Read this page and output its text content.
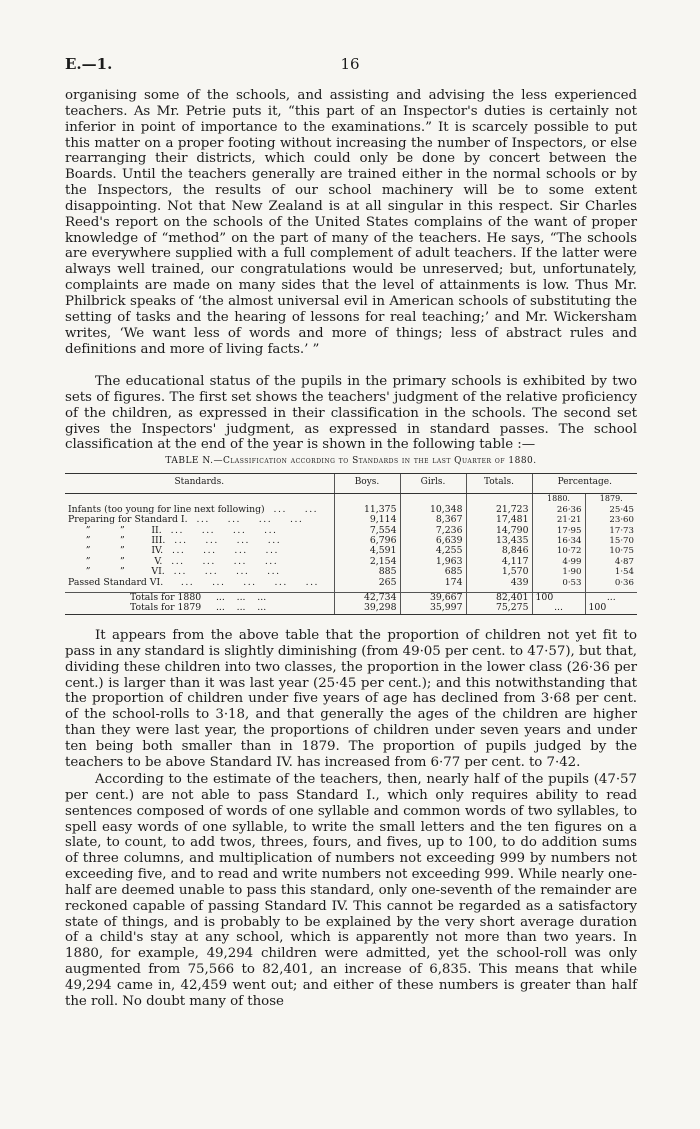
E.—1.	16

organising some of the schools, and assisting and advising the less experienced teachers. As Mr. Petrie puts it, “this part of an Inspector's duties is certainly not inferior in point of importance to the examinations.” It is scarcely possible to put this matter on a proper footing without increasing the number of Inspectors, or else rearranging their districts, which could only be done by concert between the Boards. Until the teachers generally are trained either in the normal schools or by the Inspectors, the results of our school machinery will be to some extent disappointing. Not that New Zealand is at all singular in this respect. Sir Charles Reed's report on the schools of the United States complains of the want of proper knowledge of “method” on the part of many of the teachers. He says, “The schools are everywhere supplied with a full complement of adult teachers. If the latter were always well trained, our congratulations would be unreserved; but, unfortunately, complaints are made on many sides that the level of attainments is low. Thus Mr. Philbrick speaks of ‘the almost universal evil in American schools of substituting the setting of tasks and the hearing of lessons for real teaching;’ and Mr. Wickersham writes, ‘We want less of words and more of things; less of abstract rules and definitions and more of living facts.’ ”

The educational status of the pupils in the primary schools is exhibited by two sets of figures. The first set shows the teachers' judgment of the relative proficiency of the children, as expressed in their classification in the schools. The second set gives the Inspectors' judgment, as expressed in standard passes. The school classification at the end of the year is shown in the following table :—

TABLE N.—Classification according to Standards in the last Quarter of 1880.
Standards.	Boys.	Girls.	Totals.	Percentage.	
				1880.	1879.
Infants (too young for line next following) ...    ...	11,375	10,348	21,723	26·36	25·45
Preparing for Standard I. ...    ...    ...    ...	9,114	8,367	17,481	21·21	23·60
”          ”         II. ...    ...    ...    ...	7,554	7,236	14,790	17·95	17·73
”          ”         III. ...    ...    ...    ...	6,796	6,639	13,435	16·34	15·70
”          ”         IV. ...    ...    ...    ...	4,591	4,255	8,846	10·72	10·75
”          ”          V. ...    ...    ...    ...	2,154	1,963	4,117	4·99	4·87
”          ”         VI. ...    ...    ...    ...	885	685	1,570	1·90	1·54
Passed Standard VI. ...    ...    ...    ...    ...	265	174	439	0·53	0·36
Totals for 1880 ...    ...    ...	42,734	39,667	82,401	100	...
Totals for 1879 ...    ...    ...	39,298	35,997	75,275	...	100

It appears from the above table that the proportion of children not yet fit to pass in any standard is slightly diminishing (from 49·05 per cent. to 47·57), but that, dividing these children into two classes, the proportion in the lower class (26·36 per cent.) is larger than it was last year (25·45 per cent.); and this notwithstanding that the proportion of children under five years of age has declined from 3·68 per cent. of the school-rolls to 3·18, and that generally the ages of the children are higher than they were last year, the proportions of children under seven years and under ten being both smaller than in 1879. The proportion of pupils judged by the teachers to be above Standard IV. has increased from 6·77 per cent. to 7·42.

According to the estimate of the teachers, then, nearly half of the pupils (47·57 per cent.) are not able to pass Standard I., which only requires ability to read sentences composed of words of one syllable and common words of two syllables, to spell easy words of one syllable, to write the small letters and the ten figures on a slate, to count, to add twos, threes, fours, and fives, up to 100, to do addition sums of three columns, and multiplication of numbers not exceeding 999 by numbers not exceeding five, and to read and write numbers not exceeding 999. While nearly one-half are deemed unable to pass this standard, only one-seventh of the remainder are reckoned capable of passing Standard IV. This cannot be regarded as a satisfactory state of things, and is probably to be explained by the very short average duration of a child's stay at any school, which is apparently not more than two years. In 1880, for example, 49,294 children were admitted, yet the school-roll was only augmented from 75,566 to 82,401, an increase of 6,835. This means that while 49,294 came in, 42,459 went out; and either of these numbers is greater than half the roll. No doubt many of those
